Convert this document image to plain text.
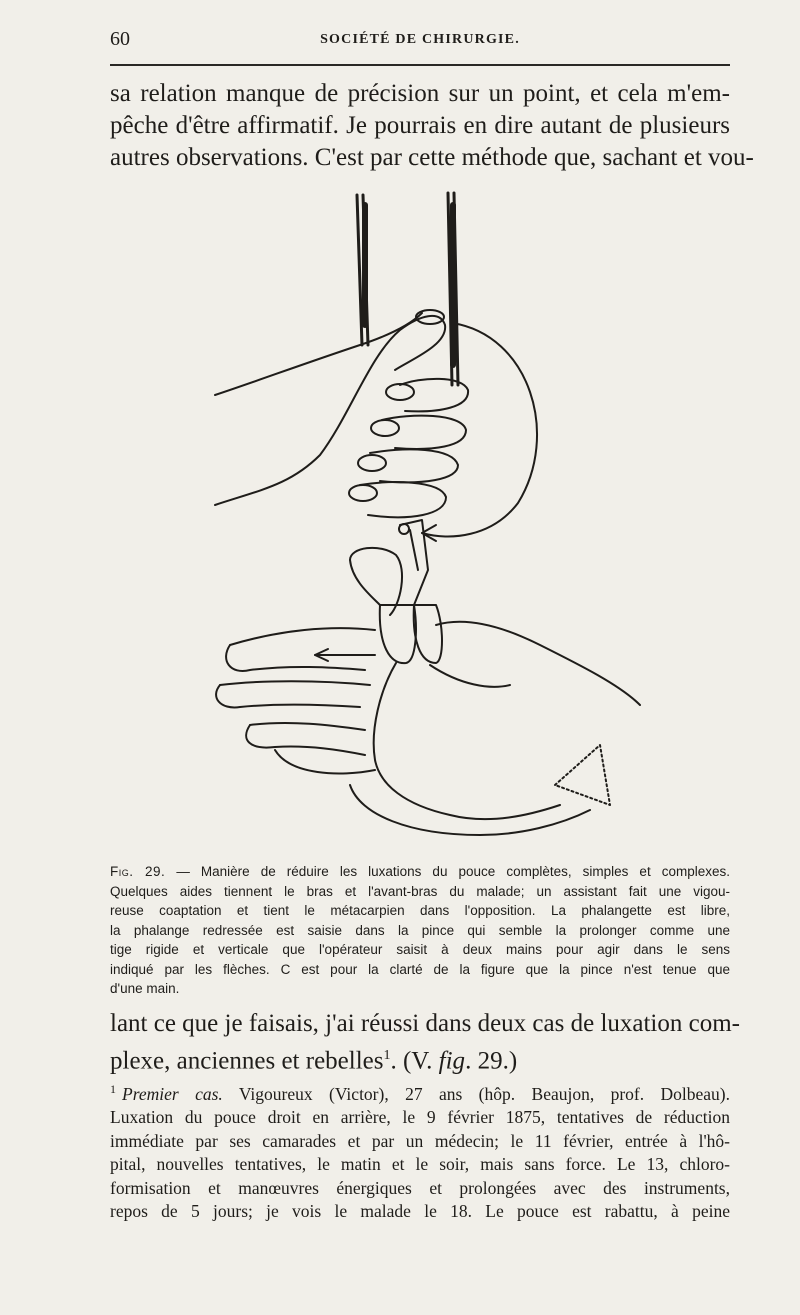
60	SOCIÉTÉ DE CHIRURGIE.
sa relation manque de précision sur un point, et cela m'em-
pêche d'être affirmatif. Je pourrais en dire autant de plusieurs
autres observations. C'est par cette méthode que, sachant et vou-
Fig. 29. — Manière de réduire les luxations du pouce complètes, simples et complexes.
Quelques aides tiennent le bras et l'avant-bras du malade; un assistant fait une vigou-
reuse coaptation et tient le métacarpien dans l'opposition. La phalangette est libre,
la phalange redressée est saisie dans la pince qui semble la prolonger comme une
tige rigide et verticale que l'opérateur saisit à deux mains pour agir dans le sens
indiqué par les flèches. C est pour la clarté de la figure que la pince n'est tenue que
d'une main.
lant ce que je faisais, j'ai réussi dans deux cas de luxation com-
plexe, anciennes et rebelles$^1$. (V. fig. 29.)
$^1$ Premier cas. Vigoureux (Victor), 27 ans (hôp. Beaujon, prof. Dolbeau).
Luxation du pouce droit en arrière, le 9 février 1875, tentatives de réduction
immédiate par ses camarades et par un médecin; le 11 février, entrée à l'hô-
pital, nouvelles tentatives, le matin et le soir, mais sans force. Le 13, chloro-
formisation et manœuvres énergiques et prolongées avec des instruments,
repos de 5 jours; je vois le malade le 18. Le pouce est rabattu, à peine
